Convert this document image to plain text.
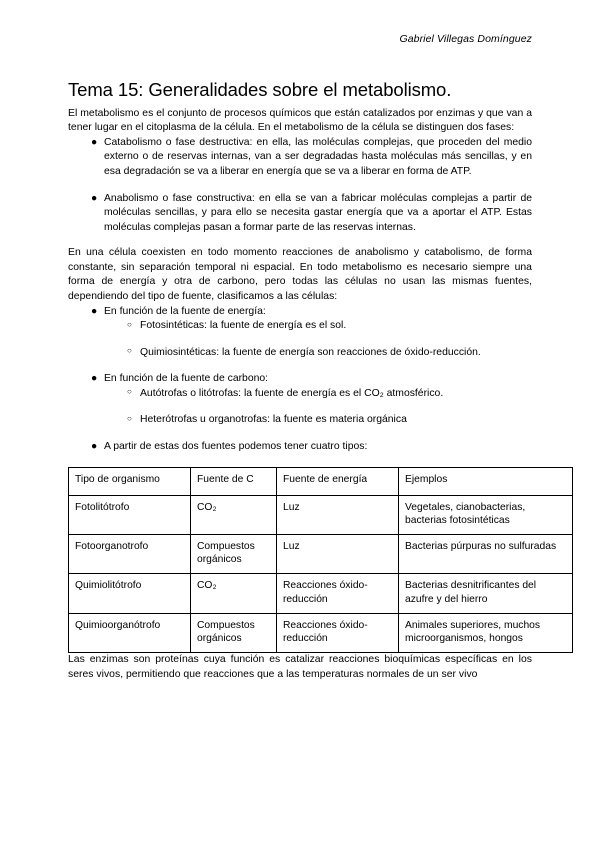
Gabriel Villegas Domínguez
Tema 15: Generalidades sobre el metabolismo.

El metabolismo es el conjunto de procesos químicos que están catalizados por enzimas y que van a tener lugar en el citoplasma de la célula. En el metabolismo de la célula se distinguen dos fases:

● Catabolismo o fase destructiva: en ella, las moléculas complejas, que proceden del medio externo o de reservas internas, van a ser degradadas hasta moléculas más sencillas, y en esa degradación se va a liberar en energía que se va a liberar en forma de ATP.
● Anabolismo o fase constructiva: en ella se van a fabricar moléculas complejas a partir de moléculas sencillas, y para ello se necesita gastar energía que va a aportar el ATP. Estas moléculas complejas pasan a formar parte de las reservas internas.

En una célula coexisten en todo momento reacciones de anabolismo y catabolismo, de forma constante, sin separación temporal ni espacial. En todo metabolismo es necesario siempre una forma de energía y otra de carbono, pero todas las células no usan las mismas fuentes, dependiendo del tipo de fuente, clasificamos a las células:

● En función de la fuente de energía:
○ Fotosintéticas: la fuente de energía es el sol.
○ Quimiosintéticas: la fuente de energía son reacciones de óxido-reducción.
● En función de la fuente de carbono:
○ Autótrofas o litótrofas: la fuente de energía es el CO₂ atmosférico.
○ Heterótrofas u organotrofas: la fuente es materia orgánica
● A partir de estas dos fuentes podemos tener cuatro tipos:
Tipo de organismo	Fuente de C	Fuente de energía	Ejemplos
Fotolitótrofo	CO₂	Luz	Vegetales, cianobacterias, bacterias fotosintéticas
Fotoorganotrofo	Compuestos orgánicos	Luz	Bacterias púrpuras no sulfuradas
Quimiolitótrofo	CO₂	Reacciones óxido-reducción	Bacterias desnitrificantes del azufre y del hierro
Quimioorganótrofo	Compuestos orgánicos	Reacciones óxido-reducción	Animales superiores, muchos microorganismos, hongos

Las enzimas son proteínas cuya función es catalizar reacciones bioquímicas específicas en los seres vivos, permitiendo que reacciones que a las temperaturas normales de un ser vivo
